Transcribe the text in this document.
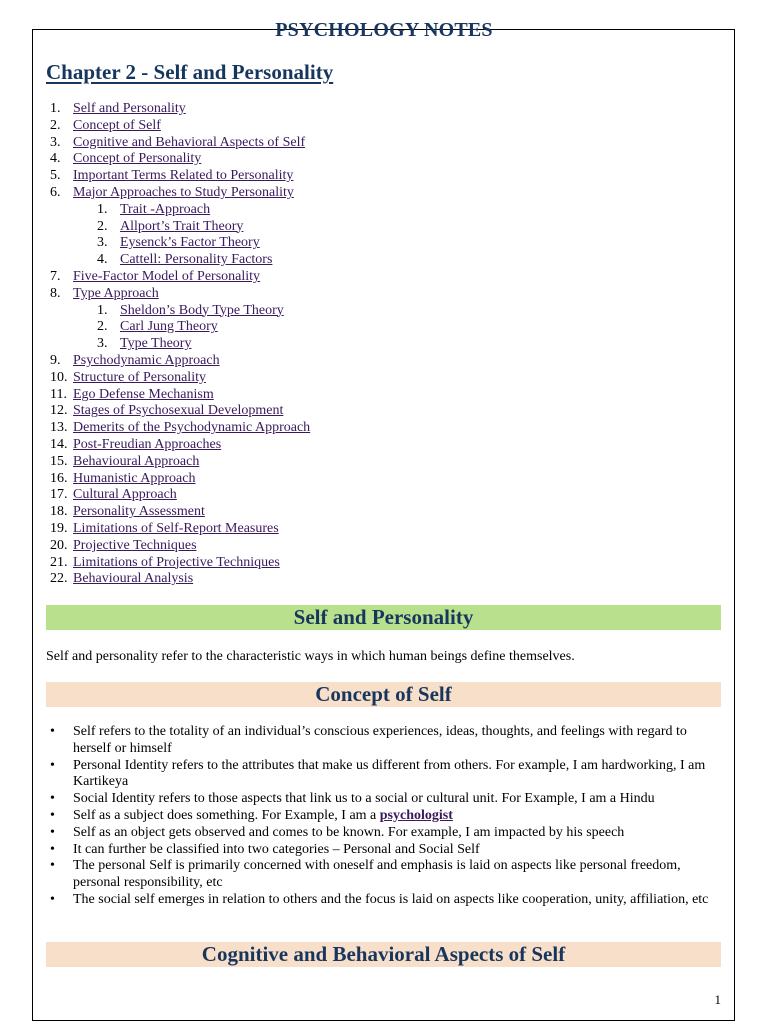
PSYCHOLOGY NOTES
Chapter 2 - Self and Personality
1. Self and Personality
2. Concept of Self
3. Cognitive and Behavioral Aspects of Self
4. Concept of Personality
5. Important Terms Related to Personality
6. Major Approaches to Study Personality
1. Trait -Approach
2. Allport’s Trait Theory
3. Eysenck’s Factor Theory
4. Cattell: Personality Factors
7. Five-Factor Model of Personality
8. Type Approach
1. Sheldon’s Body Type Theory
2. Carl Jung Theory
3. Type Theory
9. Psychodynamic Approach
10. Structure of Personality
11. Ego Defense Mechanism
12. Stages of Psychosexual Development
13. Demerits of the Psychodynamic Approach
14. Post-Freudian Approaches
15. Behavioural Approach
16. Humanistic Approach
17. Cultural Approach
18. Personality Assessment
19. Limitations of Self-Report Measures
20. Projective Techniques
21. Limitations of Projective Techniques
22. Behavioural Analysis
Self and Personality

Self and personality refer to the characteristic ways in which human beings define themselves.

Concept of Self
• Self refers to the totality of an individual’s conscious experiences, ideas, thoughts, and feelings with regard to herself or himself
• Personal Identity refers to the attributes that make us different from others. For example, I am hardworking, I am Kartikeya
• Social Identity refers to those aspects that link us to a social or cultural unit. For Example, I am a Hindu
• Self as a subject does something. For Example, I am a psychologist
• Self as an object gets observed and comes to be known. For example, I am impacted by his speech
• It can further be classified into two categories – Personal and Social Self
• The personal Self is primarily concerned with oneself and emphasis is laid on aspects like personal freedom, personal responsibility, etc
• The social self emerges in relation to others and the focus is laid on aspects like cooperation, unity, affiliation, etc
Cognitive and Behavioral Aspects of Self
1
